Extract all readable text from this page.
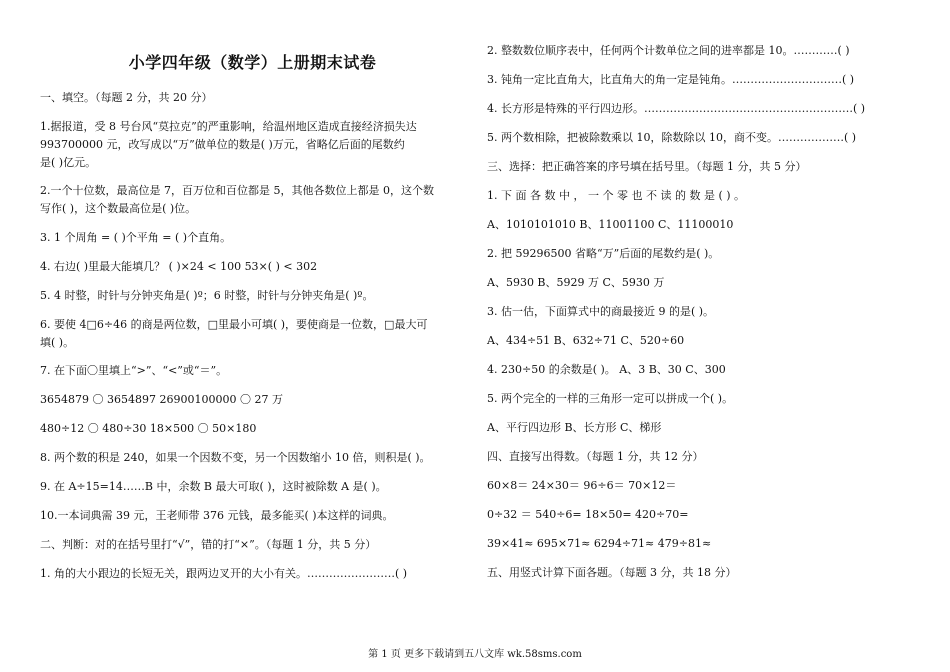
小学四年级（数学）上册期末试卷
一、填空。（每题 2 分，共 20 分）
1.据报道，受 8 号台风“莫拉克”的严重影响，给温州地区造成直接经济损失达
993700000 元，改写成以“万”做单位的数是( )万元，省略亿后面的尾数约
是( )亿元。
2.一个十位数，最高位是 7，百万位和百位都是 5，其他各数位上都是 0，这个数
写作( )，这个数最高位是( )位。
3. 1 个周角 = ( )个平角 = ( )个直角。
4. 右边( )里最大能填几？ ( )×24 < 100 53×( ) < 302
5. 4 时整，时针与分钟夹角是( )º；6 时整，时针与分钟夹角是( )º。
6. 要使 4□6÷46 的商是两位数，□里最小可填( )，要使商是一位数，□最大可
填( )。
7. 在下面〇里填上“>”、“<”或“＝”。
3654879 〇 3654897 26900100000 〇 27 万
480÷12 〇 480÷30 18×500 〇 50×180
8. 两个数的积是 240，如果一个因数不变，另一个因数缩小 10 倍，则积是( )。
9. 在 A÷15=14……B 中，余数 B 最大可取( )，这时被除数 A 是( )。
10.一本词典需 39 元，王老师带 376 元钱，最多能买( )本这样的词典。
二、判断：对的在括号里打“√”，错的打“×”。（每题 1 分，共 5 分）
1. 角的大小跟边的长短无关，跟两边叉开的大小有关。……………………( )
2. 整数数位顺序表中，任何两个计数单位之间的进率都是 10。…………( )
3. 钝角一定比直角大，比直角大的角一定是钝角。…………………………( )
4. 长方形是特殊的平行四边形。…………………………………………………( )
5. 两个数相除，把被除数乘以 10，除数除以 10，商不变。………………( )
三、选择：把正确答案的序号填在括号里。（每题 1 分，共 5 分）
1. 下 面 各 数 中 ， 一 个 零 也 不 读 的 数 是 ( ) 。
A、1010101010 B、11001100 C、11100010
2. 把 59296500 省略“万”后面的尾数约是( )。
A、5930 B、5929 万 C、5930 万
3. 估一估，下面算式中的商最接近 9 的是( )。
A、434÷51 B、632÷71 C、520÷60
4. 230÷50 的余数是( )。 A、3 B、30 C、300
5. 两个完全的一样的三角形一定可以拼成一个( )。
A、平行四边形 B、长方形 C、梯形
四、直接写出得数。（每题 1 分，共 12 分）
60×8＝ 24×30＝ 96÷6＝ 70×12＝
0÷32 ＝ 540÷6= 18×50= 420÷70=
39×41≈ 695×71≈ 6294÷71≈ 479÷81≈
五、用竖式计算下面各题。（每题 3 分，共 18 分）
第 1 页 更多下载请到五八文库 wk.58sms.com
